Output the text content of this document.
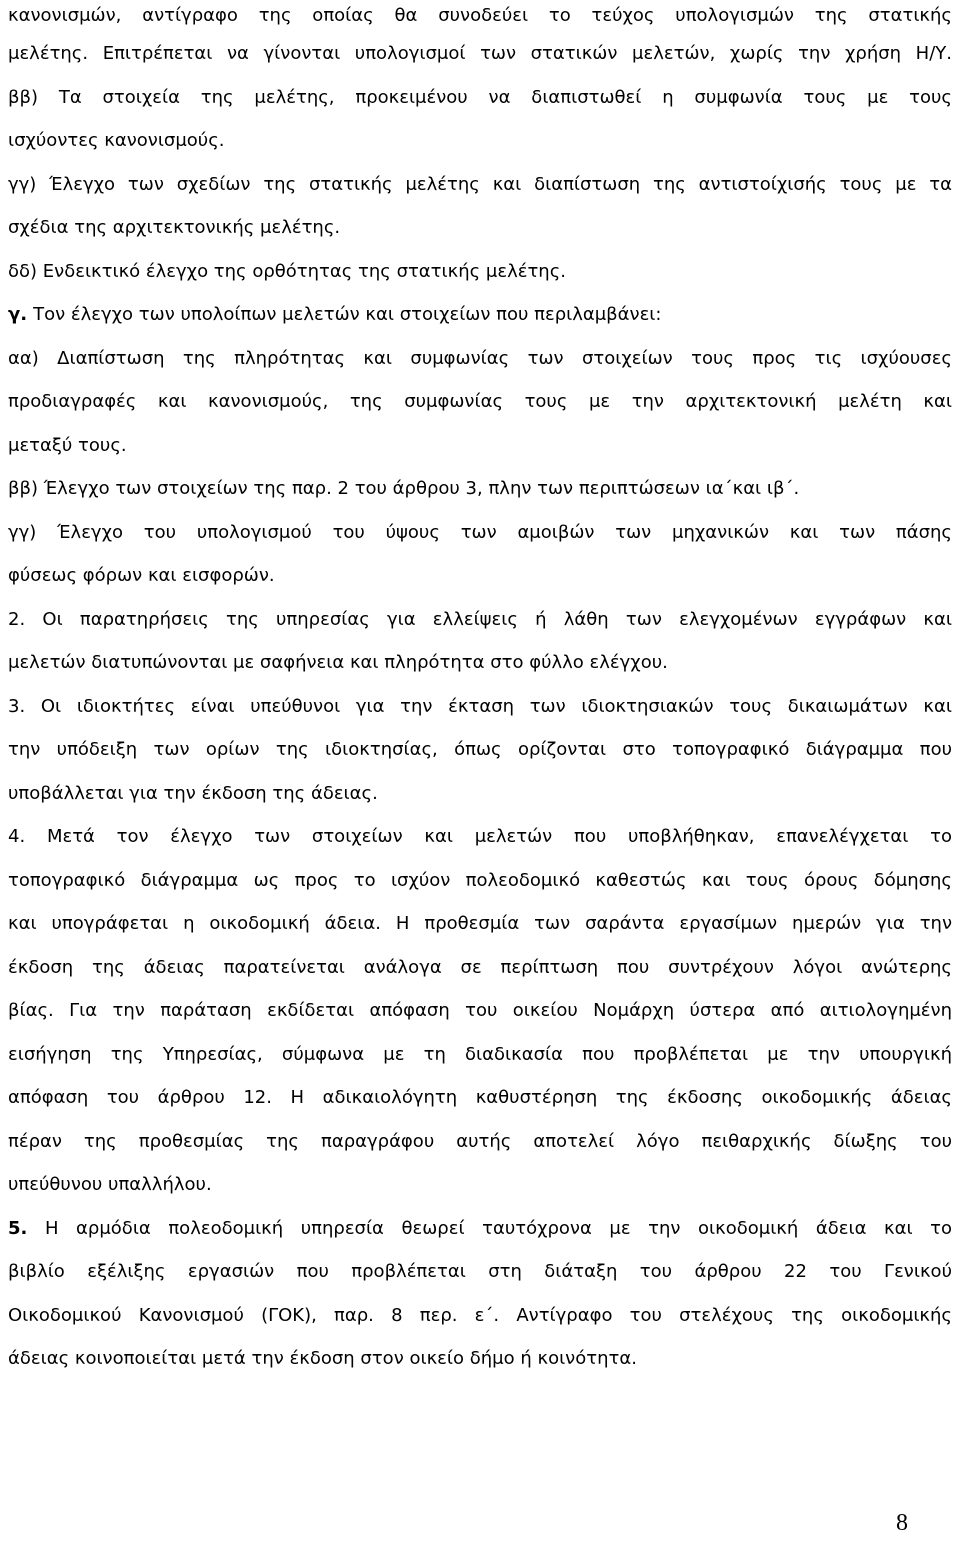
κανονισμών, αντίγραφο της οποίας θα συνοδεύει το τεύχος υπολογισμών της στατικής
μελέτης. Επιτρέπεται να γίνονται υπολογισμοί των στατικών μελετών, χωρίς την χρήση Η/Υ.
ββ) Τα στοιχεία της μελέτης, προκειμένου να διαπιστωθεί η συμφωνία τους με τους
ισχύοντες κανονισμούς.
γγ) Έλεγχο των σχεδίων της στατικής μελέτης και διαπίστωση της αντιστοίχισής τους με τα
σχέδια της αρχιτεκτονικής μελέτης.
δδ) Ενδεικτικό έλεγχο της ορθότητας της στατικής μελέτης.
γ. Τον έλεγχο των υπολοίπων μελετών και στοιχείων που περιλαμβάνει:
αα) Διαπίστωση της πληρότητας και συμφωνίας των στοιχείων τους προς τις ισχύουσες
προδιαγραφές και κανονισμούς, της συμφωνίας τους με την αρχιτεκτονική μελέτη και
μεταξύ τους.
ββ) Έλεγχο των στοιχείων της παρ. 2 του άρθρου 3, πλην των περιπτώσεων ια΄και ιβ΄.
γγ) Έλεγχο του υπολογισμού του ύψους των αμοιβών των μηχανικών και των πάσης
φύσεως φόρων και εισφορών.
2. Οι παρατηρήσεις της υπηρεσίας για ελλείψεις ή λάθη των ελεγχομένων εγγράφων και
μελετών διατυπώνονται με σαφήνεια και πληρότητα στο φύλλο ελέγχου.
3. Οι ιδιοκτήτες είναι υπεύθυνοι για την έκταση των ιδιοκτησιακών τους δικαιωμάτων και
την υπόδειξη των ορίων της ιδιοκτησίας, όπως ορίζονται στο τοπογραφικό διάγραμμα που
υποβάλλεται για την έκδοση της άδειας.
4. Μετά τον έλεγχο των στοιχείων και μελετών που υποβλήθηκαν, επανελέγχεται το
τοπογραφικό διάγραμμα ως προς το ισχύον πολεοδομικό καθεστώς και τους όρους δόμησης
και υπογράφεται η οικοδομική άδεια. Η προθεσμία των σαράντα εργασίμων ημερών για την
έκδοση της άδειας παρατείνεται ανάλογα σε περίπτωση που συντρέχουν λόγοι ανώτερης
βίας. Για την παράταση εκδίδεται απόφαση του οικείου Νομάρχη ύστερα από αιτιολογημένη
εισήγηση της Υπηρεσίας, σύμφωνα με τη διαδικασία που προβλέπεται με την υπουργική
απόφαση του άρθρου 12. Η αδικαιολόγητη καθυστέρηση της έκδοσης οικοδομικής άδειας
πέραν της προθεσμίας της παραγράφου αυτής αποτελεί λόγο πειθαρχικής δίωξης του
υπεύθυνου υπαλλήλου.
5. Η αρμόδια πολεοδομική υπηρεσία θεωρεί ταυτόχρονα με την οικοδομική άδεια και το
βιβλίο εξέλιξης εργασιών που προβλέπεται στη διάταξη του άρθρου 22 του Γενικού
Οικοδομικού Κανονισμού (ΓΟΚ), παρ. 8 περ. ε΄. Αντίγραφο του στελέχους της οικοδομικής
άδειας κοινοποιείται μετά την έκδοση στον οικείο δήμο ή κοινότητα.
8
